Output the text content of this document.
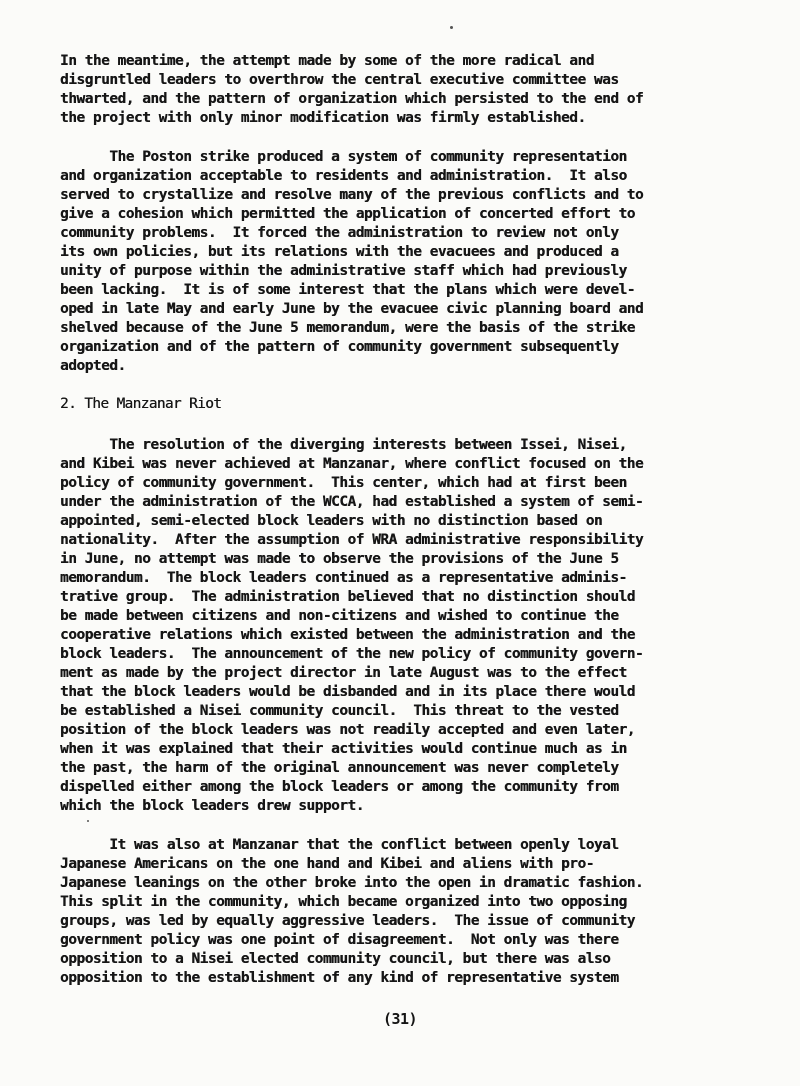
In the meantime, the attempt made by some of the more radical and
disgruntled leaders to overthrow the central executive committee was
thwarted, and the pattern of organization which persisted to the end of
the project with only minor modification was firmly established.
The Poston strike produced a system of community representation
and organization acceptable to residents and administration.  It also
served to crystallize and resolve many of the previous conflicts and to
give a cohesion which permitted the application of concerted effort to
community problems.  It forced the administration to review not only
its own policies, but its relations with the evacuees and produced a
unity of purpose within the administrative staff which had previously
been lacking.  It is of some interest that the plans which were devel-
oped in late May and early June by the evacuee civic planning board and
shelved because of the June 5 memorandum, were the basis of the strike
organization and of the pattern of community government subsequently
adopted.
2. The Manzanar Riot
The resolution of the diverging interests between Issei, Nisei,
and Kibei was never achieved at Manzanar, where conflict focused on the
policy of community government.  This center, which had at first been
under the administration of the WCCA, had established a system of semi-
appointed, semi-elected block leaders with no distinction based on
nationality.  After the assumption of WRA administrative responsibility
in June, no attempt was made to observe the provisions of the June 5
memorandum.  The block leaders continued as a representative adminis-
trative group.  The administration believed that no distinction should
be made between citizens and non-citizens and wished to continue the
cooperative relations which existed between the administration and the
block leaders.  The announcement of the new policy of community govern-
ment as made by the project director in late August was to the effect
that the block leaders would be disbanded and in its place there would
be established a Nisei community council.  This threat to the vested
position of the block leaders was not readily accepted and even later,
when it was explained that their activities would continue much as in
the past, the harm of the original announcement was never completely
dispelled either among the block leaders or among the community from
which the block leaders drew support.
It was also at Manzanar that the conflict between openly loyal
Japanese Americans on the one hand and Kibei and aliens with pro-
Japanese leanings on the other broke into the open in dramatic fashion.
This split in the community, which became organized into two opposing
groups, was led by equally aggressive leaders.  The issue of community
government policy was one point of disagreement.  Not only was there
opposition to a Nisei elected community council, but there was also
opposition to the establishment of any kind of representative system
(31)
